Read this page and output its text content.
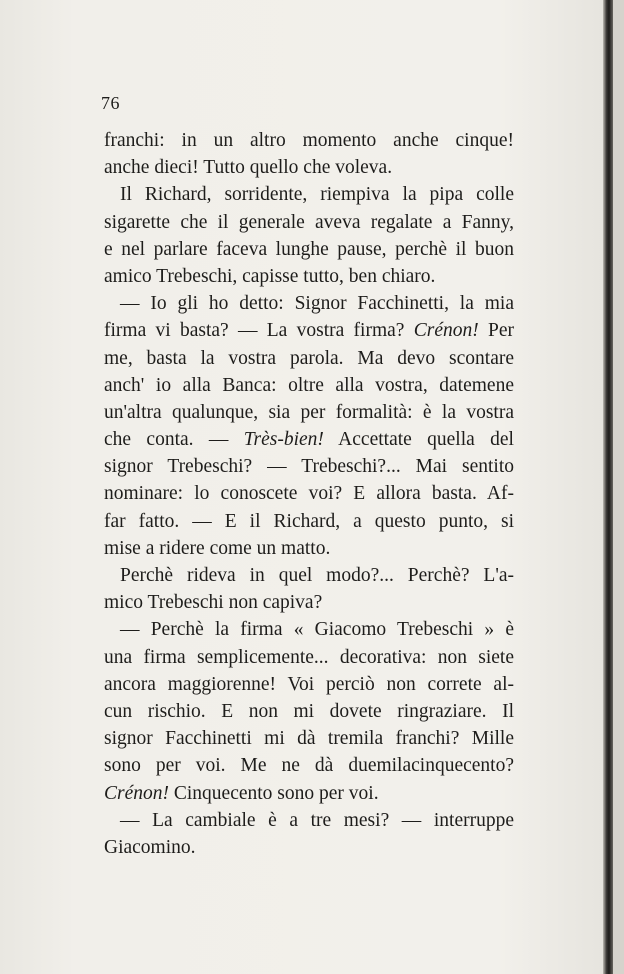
76
franchi: in un altro momento anche cinque!
anche dieci! Tutto quello che voleva.
Il Richard, sorridente, riempiva la pipa colle
sigarette che il generale aveva regalate a Fanny,
e nel parlare faceva lunghe pause, perchè il buon
amico Trebeschi, capisse tutto, ben chiaro.
— Io gli ho detto: Signor Facchinetti, la mia
firma vi basta? — La vostra firma? Crénon! Per
me, basta la vostra parola. Ma devo scontare
anch' io alla Banca: oltre alla vostra, datemene
un'altra qualunque, sia per formalità: è la vostra
che conta. — Très-bien! Accettate quella del
signor Trebeschi? — Trebeschi?... Mai sentito
nominare: lo conoscete voi? E allora basta. Af-
far fatto. — E il Richard, a questo punto, si
mise a ridere come un matto.
Perchè rideva in quel modo?... Perchè? L'a-
mico Trebeschi non capiva?
— Perchè la firma « Giacomo Trebeschi » è
una firma semplicemente... decorativa: non siete
ancora maggiorenne! Voi perciò non correte al-
cun rischio. E non mi dovete ringraziare. Il
signor Facchinetti mi dà tremila franchi? Mille
sono per voi. Me ne dà duemilacinquecento?
Crénon! Cinquecento sono per voi.
— La cambiale è a tre mesi? — interruppe
Giacomino.
